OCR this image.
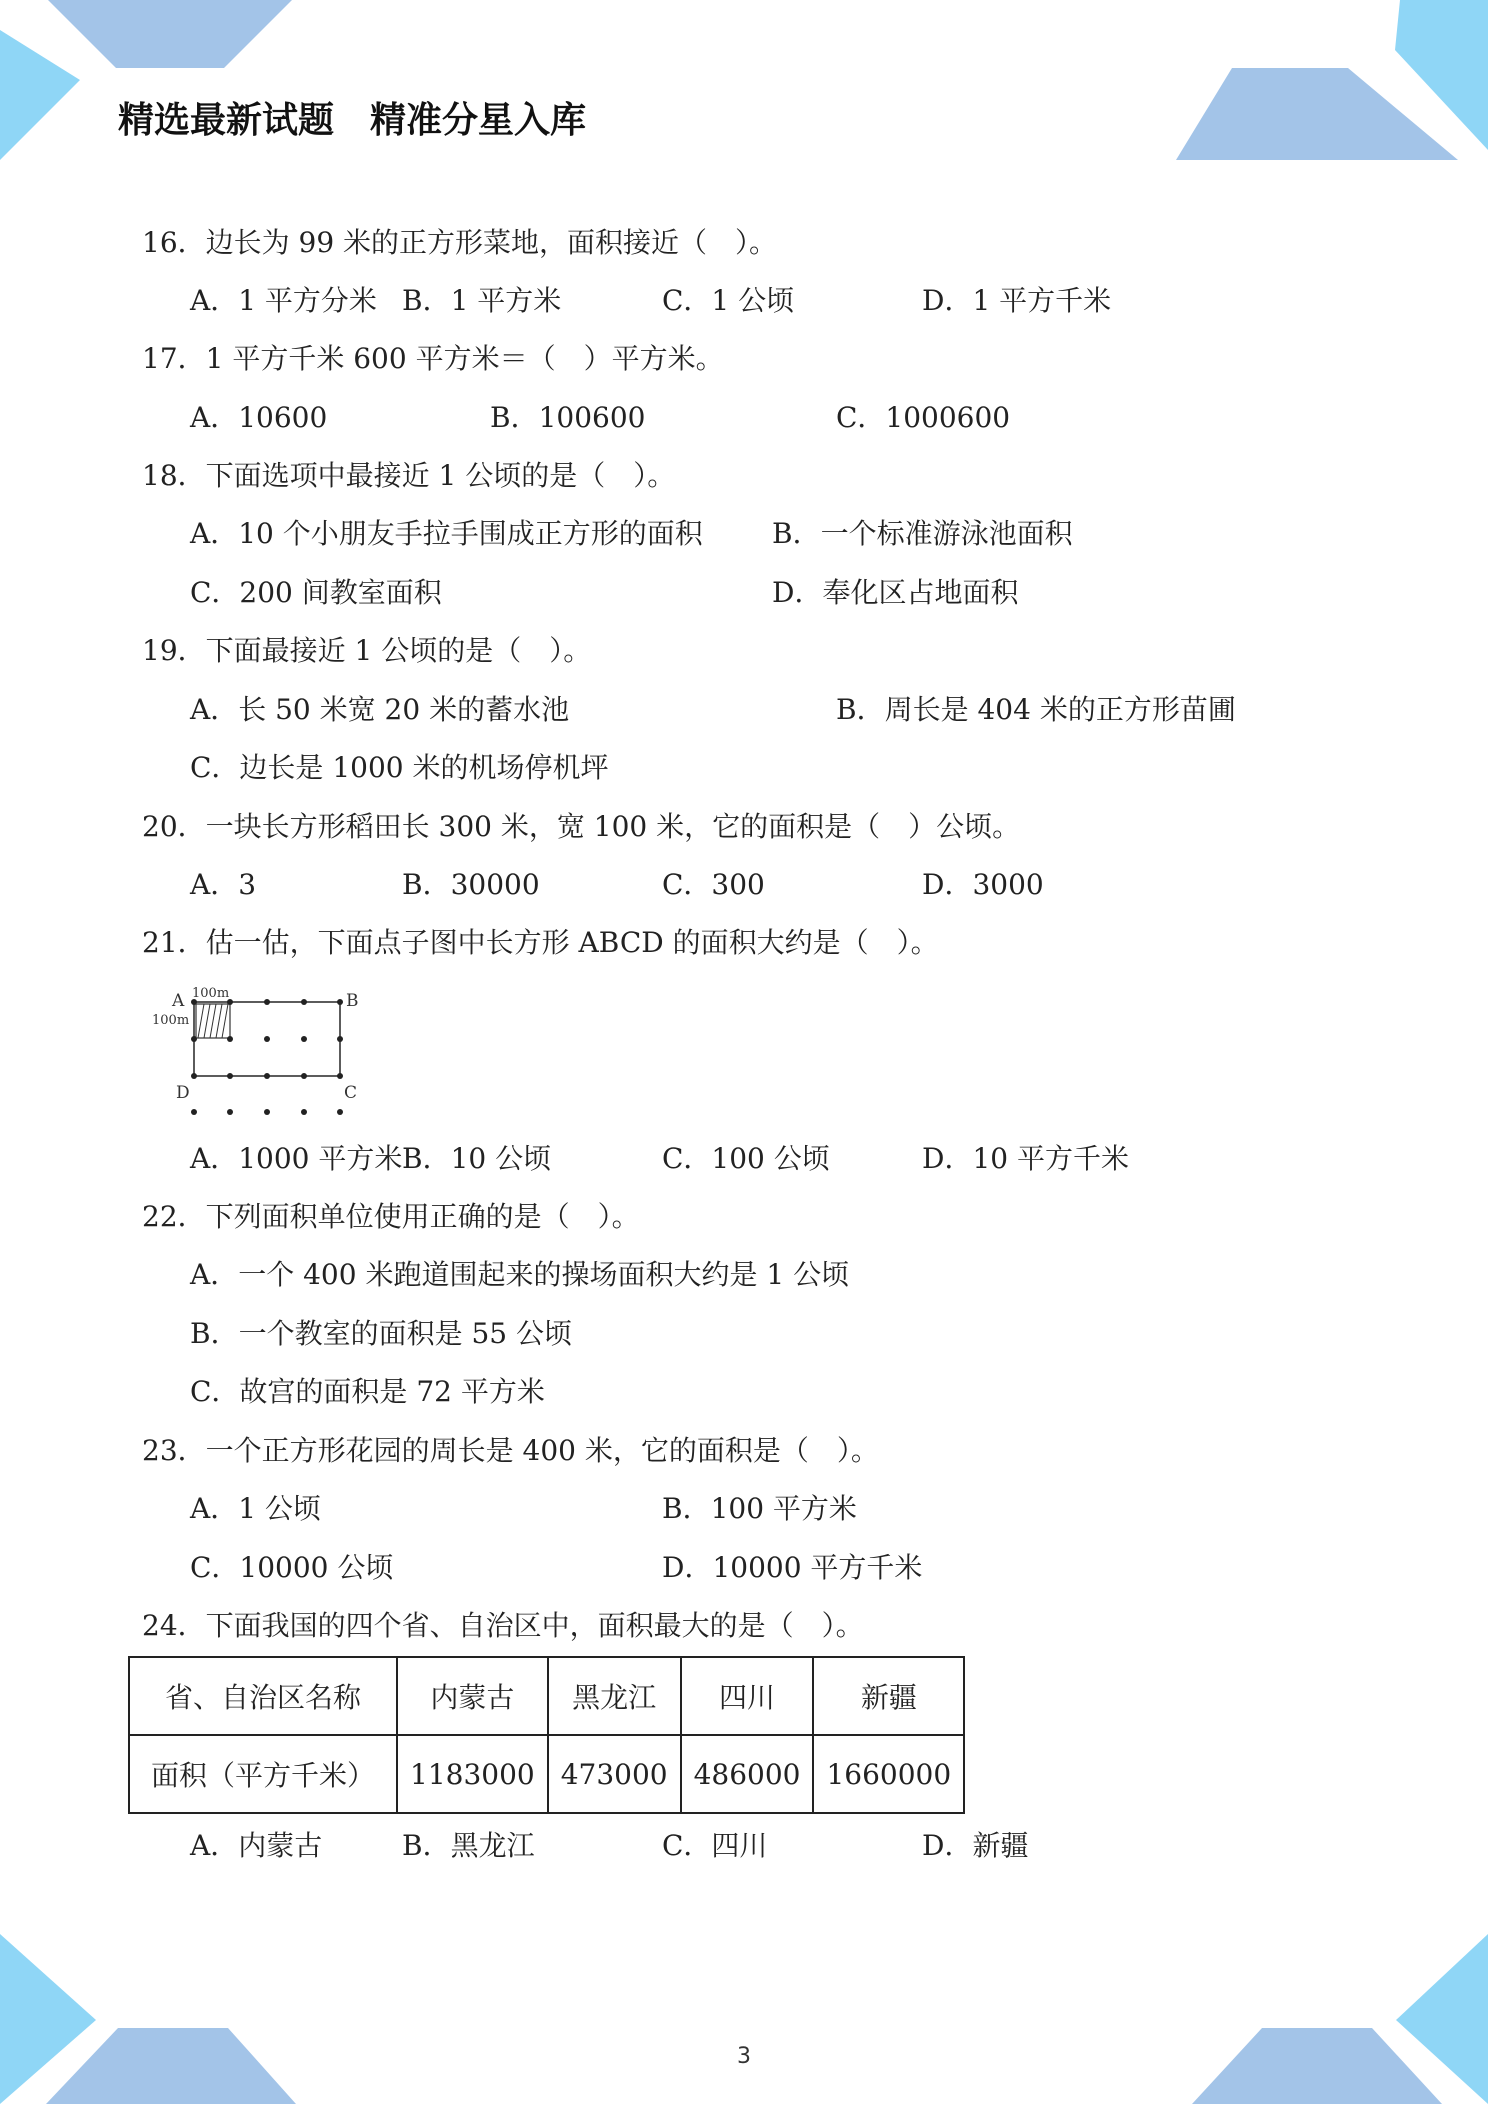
精选最新试题　精准分星入库
16．边长为 99 米的正方形菜地，面积接近（　）。
A．1 平方分米 B．1 平方米	C．1 公顷	D．1 平方千米
17．1 平方千米 600 平方米＝（　）平方米。
A．10600	B．100600	C．1000600
18．下面选项中最接近 1 公顷的是（　）。
A．10 个小朋友手拉手围成正方形的面积 B．一个标准游泳池面积
C．200 间教室面积	D．奉化区占地面积
19．下面最接近 1 公顷的是（　）。
A．长 50 米宽 20 米的蓄水池	B．周长是 404 米的正方形苗圃
C．边长是 1000 米的机场停机坪
20．一块长方形稻田长 300 米，宽 100 米，它的面积是（　）公顷。
A．3	B．30000	C．300	D．3000
21．估一估，下面点子图中长方形 ABCD 的面积大约是（　）。
A	B
C
D
100m
100m
A．1000 平方米 B．10 公顷	C．100 公顷	D．10 平方千米
22．下列面积单位使用正确的是（　）。
A．一个 400 米跑道围起来的操场面积大约是 1 公顷
B．一个教室的面积是 55 公顷
C．故宫的面积是 72 平方米
23．一个正方形花园的周长是 400 米，它的面积是（　）。
A．1 公顷	B．100 平方米
C．10000 公顷	D．10000 平方千米
24．下面我国的四个省、自治区中，面积最大的是（　）。
省、自治区名称	内蒙古	黑龙江	四川	新疆
面积（平方千米）	1183000	473000	486000	1660000
A．内蒙古	B．黑龙江	C．四川	D．新疆
3
